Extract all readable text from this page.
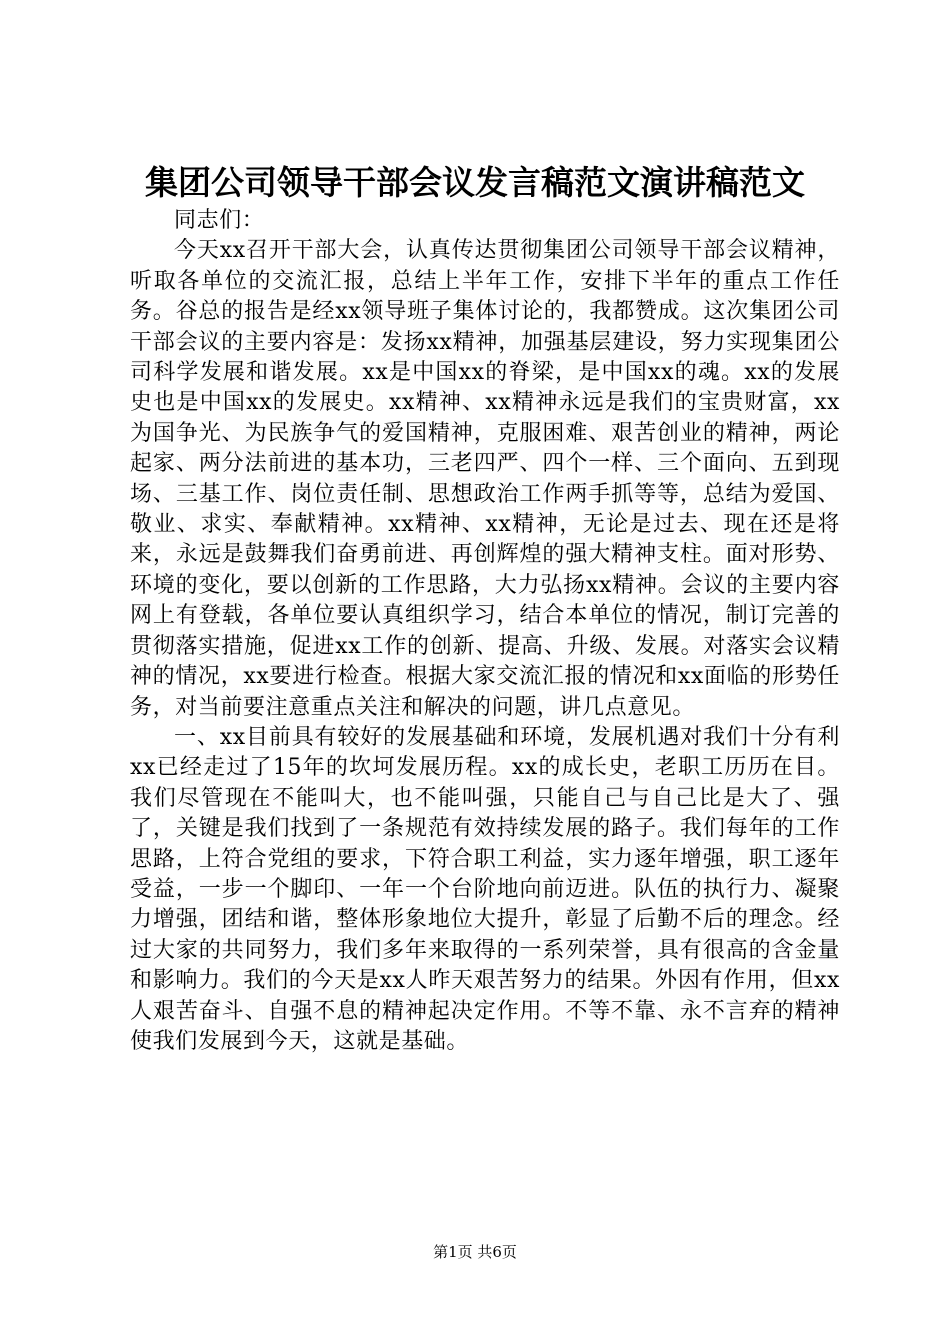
集团公司领导干部会议发言稿范文演讲稿范文

同志们：

今天xx召开干部大会，认真传达贯彻集团公司领导干部会议精神，听取各单位的交流汇报，总结上半年工作，安排下半年的重点工作任务。谷总的报告是经xx领导班子集体讨论的，我都赞成。这次集团公司干部会议的主要内容是：发扬xx精神，加强基层建设，努力实现集团公司科学发展和谐发展。xx是中国xx的脊梁，是中国xx的魂。xx的发展史也是中国xx的发展史。xx精神、xx精神永远是我们的宝贵财富，xx为国争光、为民族争气的爱国精神，克服困难、艰苦创业的精神，两论起家、两分法前进的基本功，三老四严、四个一样、三个面向、五到现场、三基工作、岗位责任制、思想政治工作两手抓等等，总结为爱国、敬业、求实、奉献精神。xx精神、xx精神，无论是过去、现在还是将来，永远是鼓舞我们奋勇前进、再创辉煌的强大精神支柱。面对形势、环境的变化，要以创新的工作思路，大力弘扬xx精神。会议的主要内容网上有登载，各单位要认真组织学习，结合本单位的情况，制订完善的贯彻落实措施，促进xx工作的创新、提高、升级、发展。对落实会议精神的情况，xx要进行检查。根据大家交流汇报的情况和xx面临的形势任务，对当前要注意重点关注和解决的问题，讲几点意见。

一、xx目前具有较好的发展基础和环境，发展机遇对我们十分有利xx已经走过了15年的坎坷发展历程。xx的成长史，老职工历历在目。我们尽管现在不能叫大，也不能叫强，只能自己与自己比是大了、强了，关键是我们找到了一条规范有效持续发展的路子。我们每年的工作思路，上符合党组的要求，下符合职工利益，实力逐年增强，职工逐年受益，一步一个脚印、一年一个台阶地向前迈进。队伍的执行力、凝聚力增强，团结和谐，整体形象地位大提升，彰显了后勤不后的理念。经过大家的共同努力，我们多年来取得的一系列荣誉，具有很高的含金量和影响力。我们的今天是xx人昨天艰苦努力的结果。外因有作用，但xx人艰苦奋斗、自强不息的精神起决定作用。不等不靠、永不言弃的精神使我们发展到今天，这就是基础。

第1页 共6页
